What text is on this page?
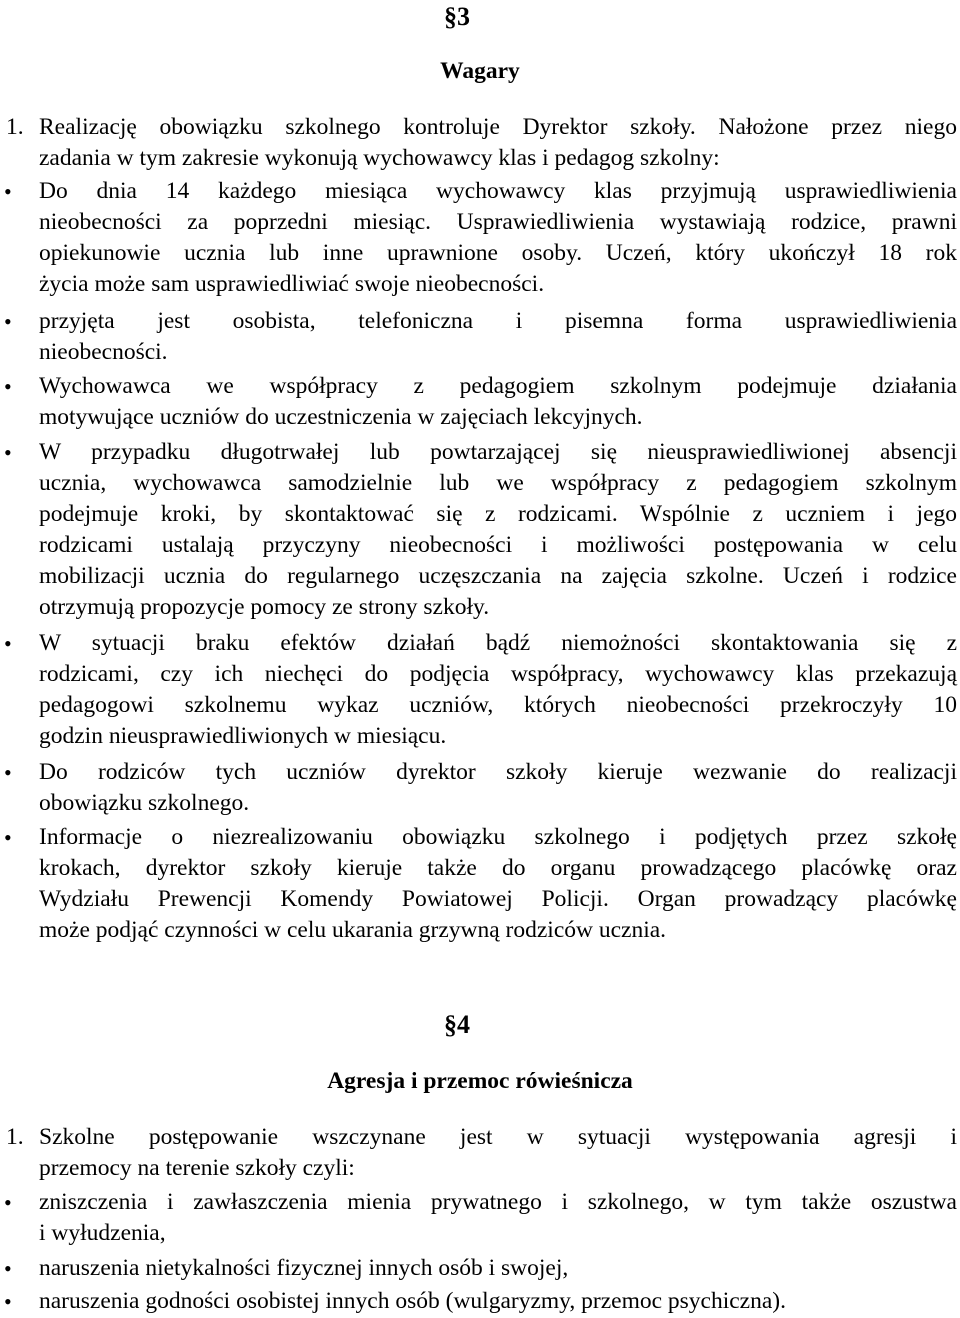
§3
Wagary
1. Realizację obowiązku szkolnego kontroluje Dyrektor szkoły. Nałożone przez niego
zadania w tym zakresie wykonują wychowawcy klas i pedagog szkolny:
• Do dnia 14 każdego miesiąca wychowawcy klas przyjmują usprawiedliwienia
nieobecności za poprzedni miesiąc. Usprawiedliwienia wystawiają rodzice, prawni
opiekunowie ucznia lub inne uprawnione osoby. Uczeń, który ukończył 18 rok
życia może sam usprawiedliwiać swoje nieobecności.
• przyjęta jest osobista, telefoniczna i pisemna forma usprawiedliwienia
nieobecności.
• Wychowawca we współpracy z pedagogiem szkolnym podejmuje działania
motywujące uczniów do uczestniczenia w zajęciach lekcyjnych.
• W przypadku długotrwałej lub powtarzającej się nieusprawiedliwionej absencji
ucznia, wychowawca samodzielnie lub we współpracy z pedagogiem szkolnym
podejmuje kroki, by skontaktować się z rodzicami. Wspólnie z uczniem i jego
rodzicami ustalają przyczyny nieobecności i możliwości postępowania w celu
mobilizacji ucznia do regularnego uczęszczania na zajęcia szkolne. Uczeń i rodzice
otrzymują propozycje pomocy ze strony szkoły.
• W sytuacji braku efektów działań bądź niemożności skontaktowania się z
rodzicami, czy ich niechęci do podjęcia współpracy, wychowawcy klas przekazują
pedagogowi szkolnemu wykaz uczniów, których nieobecności przekroczyły 10
godzin nieusprawiedliwionych w miesiącu.
• Do rodziców tych uczniów dyrektor szkoły kieruje wezwanie do realizacji
obowiązku szkolnego.
• Informacje o niezrealizowaniu obowiązku szkolnego i podjętych przez szkołę
krokach, dyrektor szkoły kieruje także do organu prowadzącego placówkę oraz
Wydziału Prewencji Komendy Powiatowej Policji. Organ prowadzący placówkę
może podjąć czynności w celu ukarania grzywną rodziców ucznia.
§4
Agresja i przemoc rówieśnicza
1. Szkolne postępowanie wszczynane jest w sytuacji występowania agresji i
przemocy na terenie szkoły czyli:
• zniszczenia i zawłaszczenia mienia prywatnego i szkolnego, w tym także oszustwa
i wyłudzenia,
• naruszenia nietykalności fizycznej innych osób i swojej,
• naruszenia godności osobistej innych osób (wulgaryzmy, przemoc psychiczna).
